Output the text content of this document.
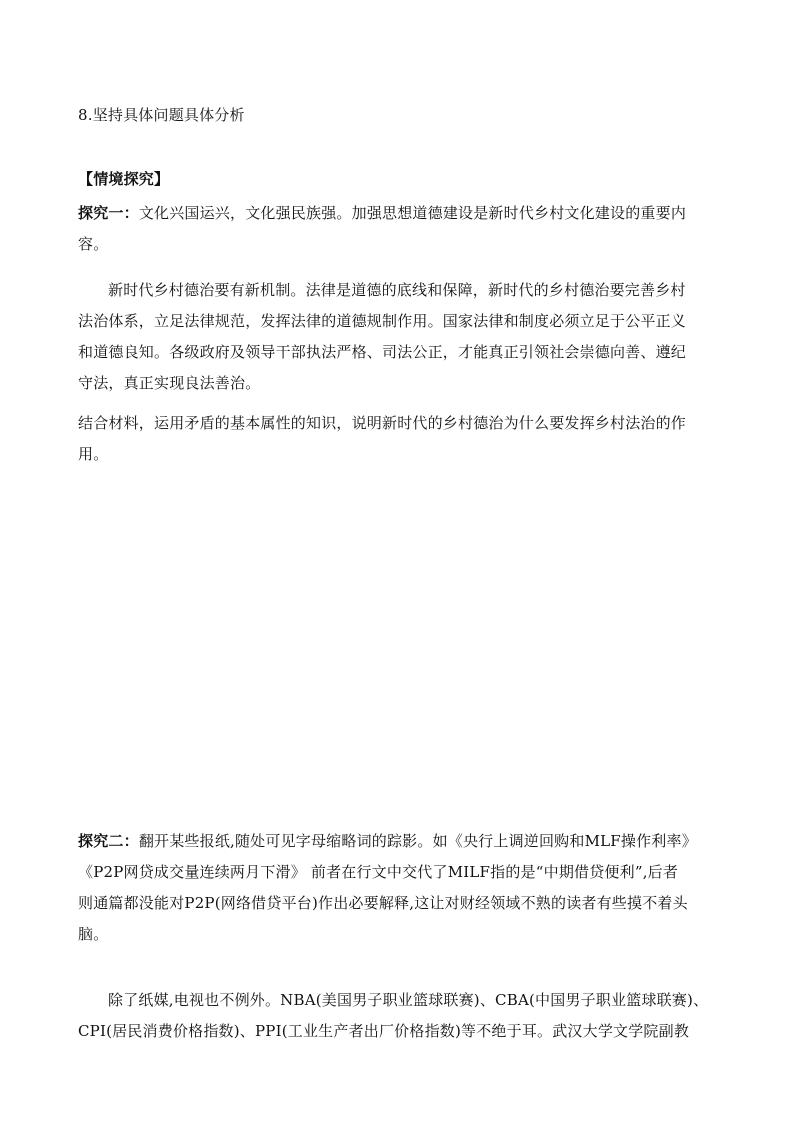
8.坚持具体问题具体分析
【情境探究】
探究一：文化兴国运兴，文化强民族强。加强思想道德建设是新时代乡村文化建设的重要内
容。
新时代乡村德治要有新机制。法律是道德的底线和保障，新时代的乡村德治要完善乡村
法治体系，立足法律规范，发挥法律的道德规制作用。国家法律和制度必须立足于公平正义
和道德良知。各级政府及领导干部执法严格、司法公正，才能真正引领社会崇德向善、遵纪
守法，真正实现良法善治。
结合材料，运用矛盾的基本属性的知识，说明新时代的乡村德治为什么要发挥乡村法治的作
用。
探究二：翻开某些报纸,随处可见字母缩略词的踪影。如《央行上调逆回购和MLF操作利率》
《P2P网贷成交量连续两月下滑》 前者在行文中交代了MILF指的是“中期借贷便利”,后者
则通篇都没能对P2P(网络借贷平台)作出必要解释,这让对财经领域不熟的读者有些摸不着头
脑。
除了纸媒,电视也不例外。NBA(美国男子职业篮球联赛)、CBA(中国男子职业篮球联赛)、
CPI(居民消费价格指数)、PPI(工业生产者出厂价格指数)等不绝于耳。武汉大学文学院副教
